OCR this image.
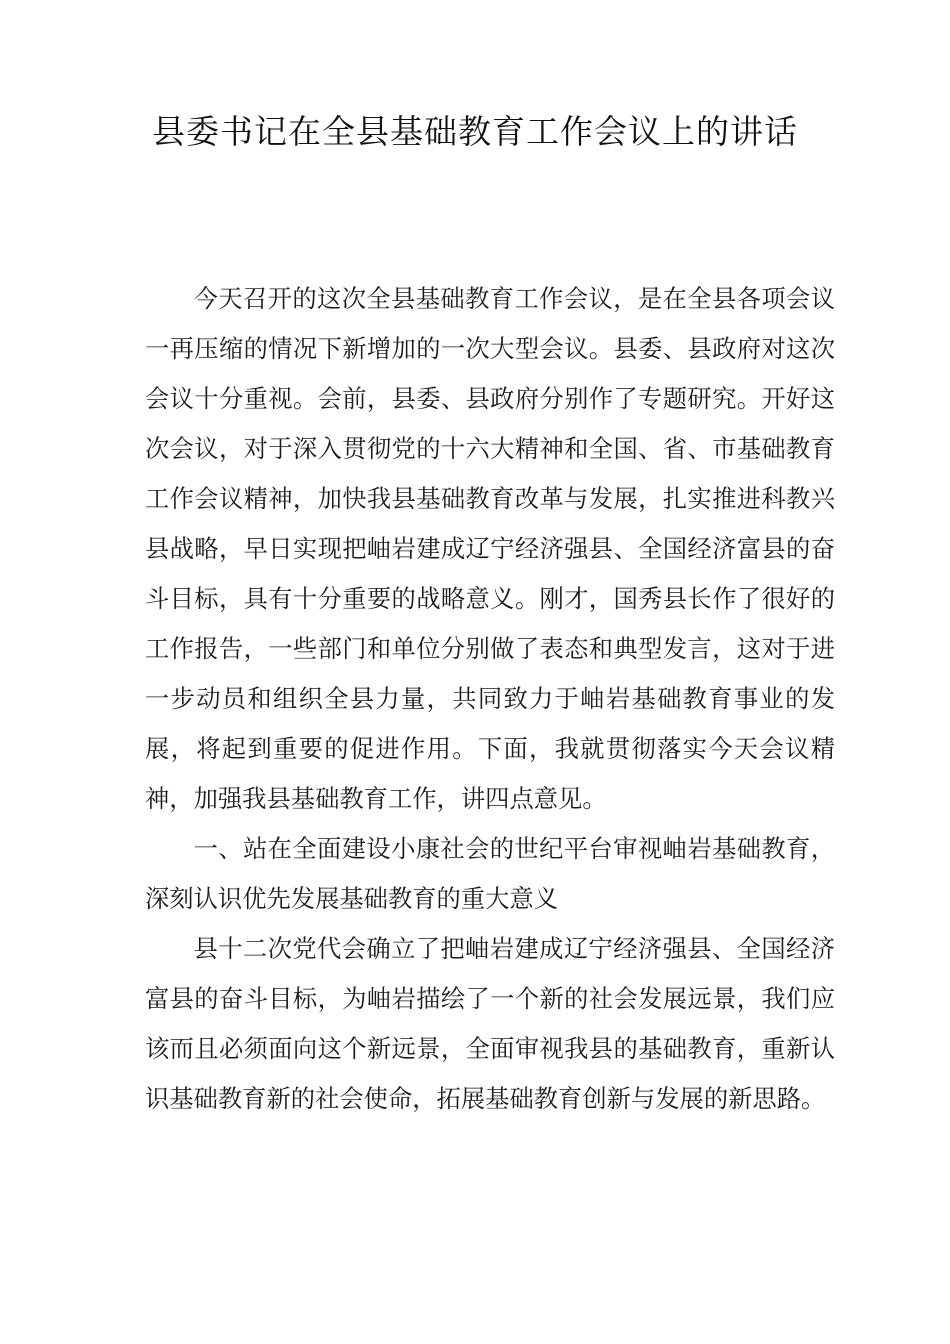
县委书记在全县基础教育工作会议上的讲话

今天召开的这次全县基础教育工作会议，是在全县各项会议一再压缩的情况下新增加的一次大型会议。县委、县政府对这次会议十分重视。会前，县委、县政府分别作了专题研究。开好这次会议，对于深入贯彻党的十六大精神和全国、省、市基础教育工作会议精神，加快我县基础教育改革与发展，扎实推进科教兴县战略，早日实现把岫岩建成辽宁经济强县、全国经济富县的奋斗目标，具有十分重要的战略意义。刚才，国秀县长作了很好的工作报告，一些部门和单位分别做了表态和典型发言，这对于进一步动员和组织全县力量，共同致力于岫岩基础教育事业的发展，将起到重要的促进作用。下面，我就贯彻落实今天会议精神，加强我县基础教育工作，讲四点意见。

一、站在全面建设小康社会的世纪平台审视岫岩基础教育，深刻认识优先发展基础教育的重大意义

县十二次党代会确立了把岫岩建成辽宁经济强县、全国经济富县的奋斗目标，为岫岩描绘了一个新的社会发展远景，我们应该而且必须面向这个新远景，全面审视我县的基础教育，重新认识基础教育新的社会使命，拓展基础教育创新与发展的新思路。
